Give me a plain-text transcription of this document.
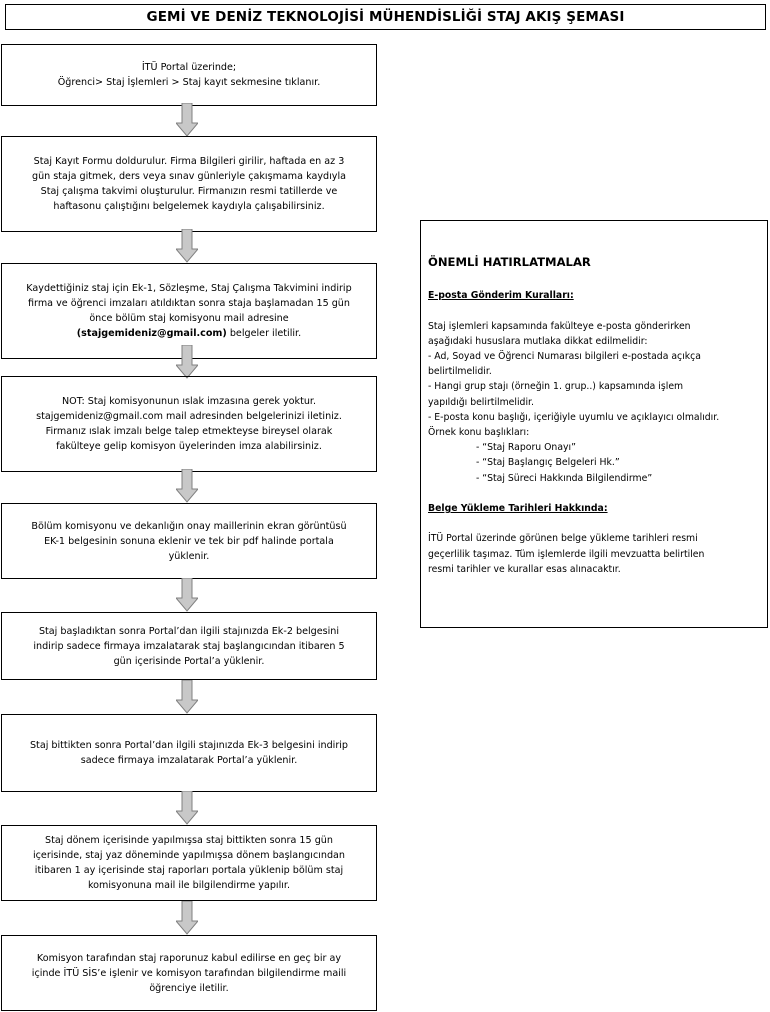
GEMİ VE DENİZ TEKNOLOJİSİ MÜHENDİSLİĞİ STAJ AKIŞ ŞEMASI
İTÜ Portal üzerinde;
Öğrenci> Staj İşlemleri > Staj kayıt sekmesine tıklanır.
Staj Kayıt Formu doldurulur. Firma Bilgileri girilir, haftada en az 3
gün staja gitmek, ders veya sınav günleriyle çakışmama kaydıyla
Staj çalışma takvimi oluşturulur. Firmanızın resmi tatillerde ve
haftasonu çalıştığını belgelemek kaydıyla çalışabilirsiniz.
Kaydettiğiniz staj için Ek-1, Sözleşme, Staj Çalışma Takvimini indirip
firma ve öğrenci imzaları atıldıktan sonra staja başlamadan 15 gün
önce bölüm staj komisyonu mail adresine
(stajgemideniz@gmail.com) belgeler iletilir.
NOT: Staj komisyonunun ıslak imzasına gerek yoktur.
stajgemideniz@gmail.com mail adresinden belgelerinizi iletiniz.
Firmanız ıslak imzalı belge talep etmekteyse bireysel olarak
fakülteye gelip komisyon üyelerinden imza alabilirsiniz.
Bölüm komisyonu ve dekanlığın onay maillerinin ekran görüntüsü
EK-1 belgesinin sonuna eklenir ve tek bir pdf halinde portala
yüklenir.
Staj başladıktan sonra Portal’dan ilgili stajınızda Ek-2 belgesini
indirip sadece firmaya imzalatarak staj başlangıcından itibaren 5
gün içerisinde Portal’a yüklenir.
Staj bittikten sonra Portal’dan ilgili stajınızda Ek-3 belgesini indirip
sadece firmaya imzalatarak Portal’a yüklenir.
Staj dönem içerisinde yapılmışsa staj bittikten sonra 15 gün
içerisinde, staj yaz döneminde yapılmışsa dönem başlangıcından
itibaren 1 ay içerisinde staj raporları portala yüklenip bölüm staj
komisyonuna mail ile bilgilendirme yapılır.
Komisyon tarafından staj raporunuz kabul edilirse en geç bir ay
içinde İTÜ SİS’e işlenir ve komisyon tarafından bilgilendirme maili
öğrenciye iletilir.
ÖNEMLİ HATIRLATMALAR
E-posta Gönderim Kuralları:
Staj işlemleri kapsamında fakülteye e-posta gönderirken
aşağıdaki hususlara mutlaka dikkat edilmelidir:
- Ad, Soyad ve Öğrenci Numarası bilgileri e-postada açıkça
belirtilmelidir.
- Hangi grup stajı (örneğin 1. grup..) kapsamında işlem
yapıldığı belirtilmelidir.
- E-posta konu başlığı, içeriğiyle uyumlu ve açıklayıcı olmalıdır.
Örnek konu başlıkları:
- “Staj Raporu Onayı”
- “Staj Başlangıç Belgeleri Hk.”
- “Staj Süreci Hakkında Bilgilendirme”
Belge Yükleme Tarihleri Hakkında:
İTÜ Portal üzerinde görünen belge yükleme tarihleri resmi
geçerlilik taşımaz. Tüm işlemlerde ilgili mevzuatta belirtilen
resmi tarihler ve kurallar esas alınacaktır.
